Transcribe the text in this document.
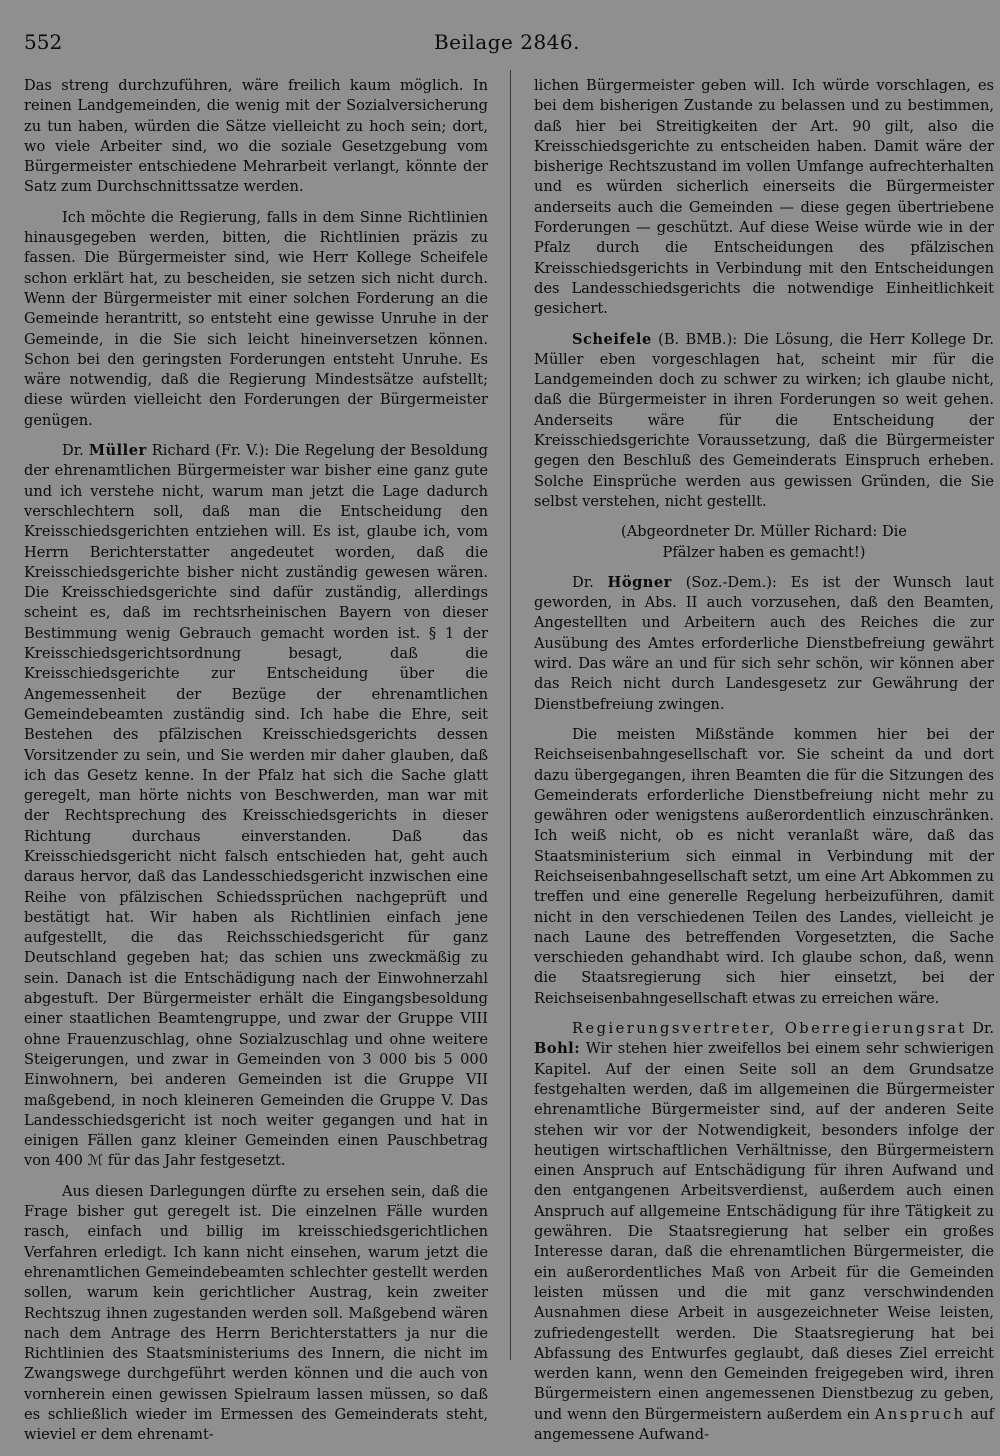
552	Beilage 2846.

Das streng durchzuführen, wäre freilich kaum möglich. In reinen Landgemeinden, die wenig mit der Sozialversicherung zu tun haben, würden die Sätze vielleicht zu hoch sein; dort, wo viele Arbeiter sind, wo die soziale Gesetzgebung vom Bürgermeister entschiedene Mehrarbeit verlangt, könnte der Satz zum Durchschnittssatze werden.

Ich möchte die Regierung, falls in dem Sinne Richtlinien hinausgegeben werden, bitten, die Richtlinien präzis zu fassen. Die Bürgermeister sind, wie Herr Kollege Scheifele schon erklärt hat, zu bescheiden, sie setzen sich nicht durch. Wenn der Bürgermeister mit einer solchen Forderung an die Gemeinde herantritt, so entsteht eine gewisse Unruhe in der Gemeinde, in die Sie sich leicht hineinversetzen können. Schon bei den geringsten Forderungen entsteht Unruhe. Es wäre notwendig, daß die Regierung Mindestsätze aufstellt; diese würden vielleicht den Forderungen der Bürgermeister genügen.

Dr. Müller Richard (Fr. V.): Die Regelung der Besoldung der ehrenamtlichen Bürgermeister war bisher eine ganz gute und ich verstehe nicht, warum man jetzt die Lage dadurch verschlechtern soll, daß man die Entscheidung den Kreisschiedsgerichten entziehen will. Es ist, glaube ich, vom Herrn Berichterstatter angedeutet worden, daß die Kreisschiedsgerichte bisher nicht zuständig gewesen wären. Die Kreisschiedsgerichte sind dafür zuständig, allerdings scheint es, daß im rechtsrheinischen Bayern von dieser Bestimmung wenig Gebrauch gemacht worden ist. § 1 der Kreisschiedsgerichtsordnung besagt, daß die Kreisschiedsgerichte zur Entscheidung über die Angemessenheit der Bezüge der ehrenamtlichen Gemeindebeamten zuständig sind. Ich habe die Ehre, seit Bestehen des pfälzischen Kreisschiedsgerichts dessen Vorsitzender zu sein, und Sie werden mir daher glauben, daß ich das Gesetz kenne. In der Pfalz hat sich die Sache glatt geregelt, man hörte nichts von Beschwerden, man war mit der Rechtsprechung des Kreisschiedsgerichts in dieser Richtung durchaus einverstanden. Daß das Kreisschiedsgericht nicht falsch entschieden hat, geht auch daraus hervor, daß das Landesschiedsgericht inzwischen eine Reihe von pfälzischen Schiedssprüchen nachgeprüft und bestätigt hat. Wir haben als Richtlinien einfach jene aufgestellt, die das Reichsschiedsgericht für ganz Deutschland gegeben hat; das schien uns zweckmäßig zu sein. Danach ist die Entschädigung nach der Einwohnerzahl abgestuft. Der Bürgermeister erhält die Eingangsbesoldung einer staatlichen Beamtengruppe, und zwar der Gruppe VIII ohne Frauenzuschlag, ohne Sozialzuschlag und ohne weitere Steigerungen, und zwar in Gemeinden von 3 000 bis 5 000 Einwohnern, bei anderen Gemeinden ist die Gruppe VII maßgebend, in noch kleineren Gemeinden die Gruppe V. Das Landesschiedsgericht ist noch weiter gegangen und hat in einigen Fällen ganz kleiner Gemeinden einen Pauschbetrag von 400 ℳ für das Jahr festgesetzt.

Aus diesen Darlegungen dürfte zu ersehen sein, daß die Frage bisher gut geregelt ist. Die einzelnen Fälle wurden rasch, einfach und billig im kreisschiedsgerichtlichen Verfahren erledigt. Ich kann nicht einsehen, warum jetzt die ehrenamtlichen Gemeindebeamten schlechter gestellt werden sollen, warum kein gerichtlicher Austrag, kein zweiter Rechtszug ihnen zugestanden werden soll. Maßgebend wären nach dem Antrage des Herrn Berichterstatters ja nur die Richtlinien des Staatsministeriums des Innern, die nicht im Zwangswege durchgeführt werden können und die auch von vornherein einen gewissen Spielraum lassen müssen, so daß es schließlich wieder im Ermessen des Gemeinderats steht, wieviel er dem ehrenamt-

lichen Bürgermeister geben will. Ich würde vorschlagen, es bei dem bisherigen Zustande zu belassen und zu bestimmen, daß hier bei Streitigkeiten der Art. 90 gilt, also die Kreisschiedsgerichte zu entscheiden haben. Damit wäre der bisherige Rechtszustand im vollen Umfange aufrechterhalten und es würden sicherlich einerseits die Bürgermeister anderseits auch die Gemeinden — diese gegen übertriebene Forderungen — geschützt. Auf diese Weise würde wie in der Pfalz durch die Entscheidungen des pfälzischen Kreisschiedsgerichts in Verbindung mit den Entscheidungen des Landesschiedsgerichts die notwendige Einheitlichkeit gesichert.

Scheifele (B. BMB.): Die Lösung, die Herr Kollege Dr. Müller eben vorgeschlagen hat, scheint mir für die Landgemeinden doch zu schwer zu wirken; ich glaube nicht, daß die Bürgermeister in ihren Forderungen so weit gehen. Anderseits wäre für die Entscheidung der Kreisschiedsgerichte Voraussetzung, daß die Bürgermeister gegen den Beschluß des Gemeinderats Einspruch erheben. Solche Einsprüche werden aus gewissen Gründen, die Sie selbst verstehen, nicht gestellt.

(Abgeordneter Dr. Müller Richard: Die Pfälzer haben es gemacht!)

Dr. Högner (Soz.-Dem.): Es ist der Wunsch laut geworden, in Abs. II auch vorzusehen, daß den Beamten, Angestellten und Arbeitern auch des Reiches die zur Ausübung des Amtes erforderliche Dienstbefreiung gewährt wird. Das wäre an und für sich sehr schön, wir können aber das Reich nicht durch Landesgesetz zur Gewährung der Dienstbefreiung zwingen.

Die meisten Mißstände kommen hier bei der Reichseisenbahngesellschaft vor. Sie scheint da und dort dazu übergegangen, ihren Beamten die für die Sitzungen des Gemeinderats erforderliche Dienstbefreiung nicht mehr zu gewähren oder wenigstens außerordentlich einzuschränken. Ich weiß nicht, ob es nicht veranlaßt wäre, daß das Staatsministerium sich einmal in Verbindung mit der Reichseisenbahngesellschaft setzt, um eine Art Abkommen zu treffen und eine generelle Regelung herbeizuführen, damit nicht in den verschiedenen Teilen des Landes, vielleicht je nach Laune des betreffenden Vorgesetzten, die Sache verschieden gehandhabt wird. Ich glaube schon, daß, wenn die Staatsregierung sich hier einsetzt, bei der Reichseisenbahngesellschaft etwas zu erreichen wäre.

Regierungsvertreter, Oberregierungsrat Dr. Bohl: Wir stehen hier zweifellos bei einem sehr schwierigen Kapitel. Auf der einen Seite soll an dem Grundsatze festgehalten werden, daß im allgemeinen die Bürgermeister ehrenamtliche Bürgermeister sind, auf der anderen Seite stehen wir vor der Notwendigkeit, besonders infolge der heutigen wirtschaftlichen Verhältnisse, den Bürgermeistern einen Anspruch auf Entschädigung für ihren Aufwand und den entgangenen Arbeitsverdienst, außerdem auch einen Anspruch auf allgemeine Entschädigung für ihre Tätigkeit zu gewähren. Die Staatsregierung hat selber ein großes Interesse daran, daß die ehrenamtlichen Bürgermeister, die ein außerordentliches Maß von Arbeit für die Gemeinden leisten müssen und die mit ganz verschwindenden Ausnahmen diese Arbeit in ausgezeichneter Weise leisten, zufriedengestellt werden. Die Staatsregierung hat bei Abfassung des Entwurfes geglaubt, daß dieses Ziel erreicht werden kann, wenn den Gemeinden freigegeben wird, ihren Bürgermeistern einen angemessenen Dienstbezug zu geben, und wenn den Bürgermeistern außerdem ein Anspruch auf angemessene Aufwand-
